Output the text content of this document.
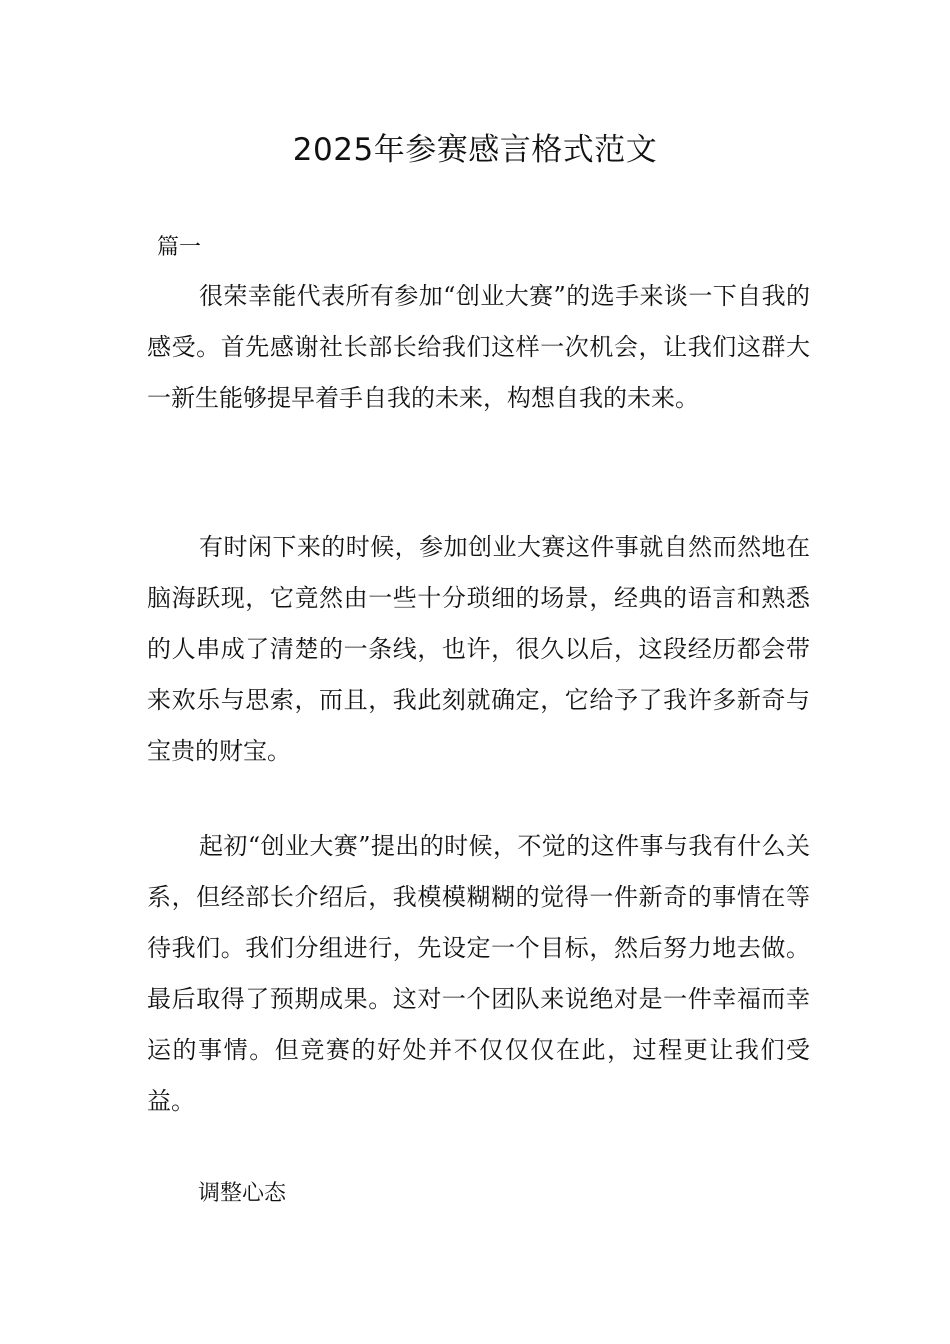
2025年参赛感言格式范文
篇一

很荣幸能代表所有参加“创业大赛”的选手来谈一下自我的感受。首先感谢社长部长给我们这样一次机会，让我们这群大一新生能够提早着手自我的未来，构想自我的未来。

有时闲下来的时候，参加创业大赛这件事就自然而然地在脑海跃现，它竟然由一些十分琐细的场景，经典的语言和熟悉的人串成了清楚的一条线，也许，很久以后，这段经历都会带来欢乐与思索，而且，我此刻就确定，它给予了我许多新奇与宝贵的财宝。

起初“创业大赛”提出的时候，不觉的这件事与我有什么关系，但经部长介绍后，我模模糊糊的觉得一件新奇的事情在等待我们。我们分组进行，先设定一个目标，然后努力地去做。最后取得了预期成果。这对一个团队来说绝对是一件幸福而幸运的事情。但竞赛的好处并不仅仅仅在此，过程更让我们受益。

调整心态
